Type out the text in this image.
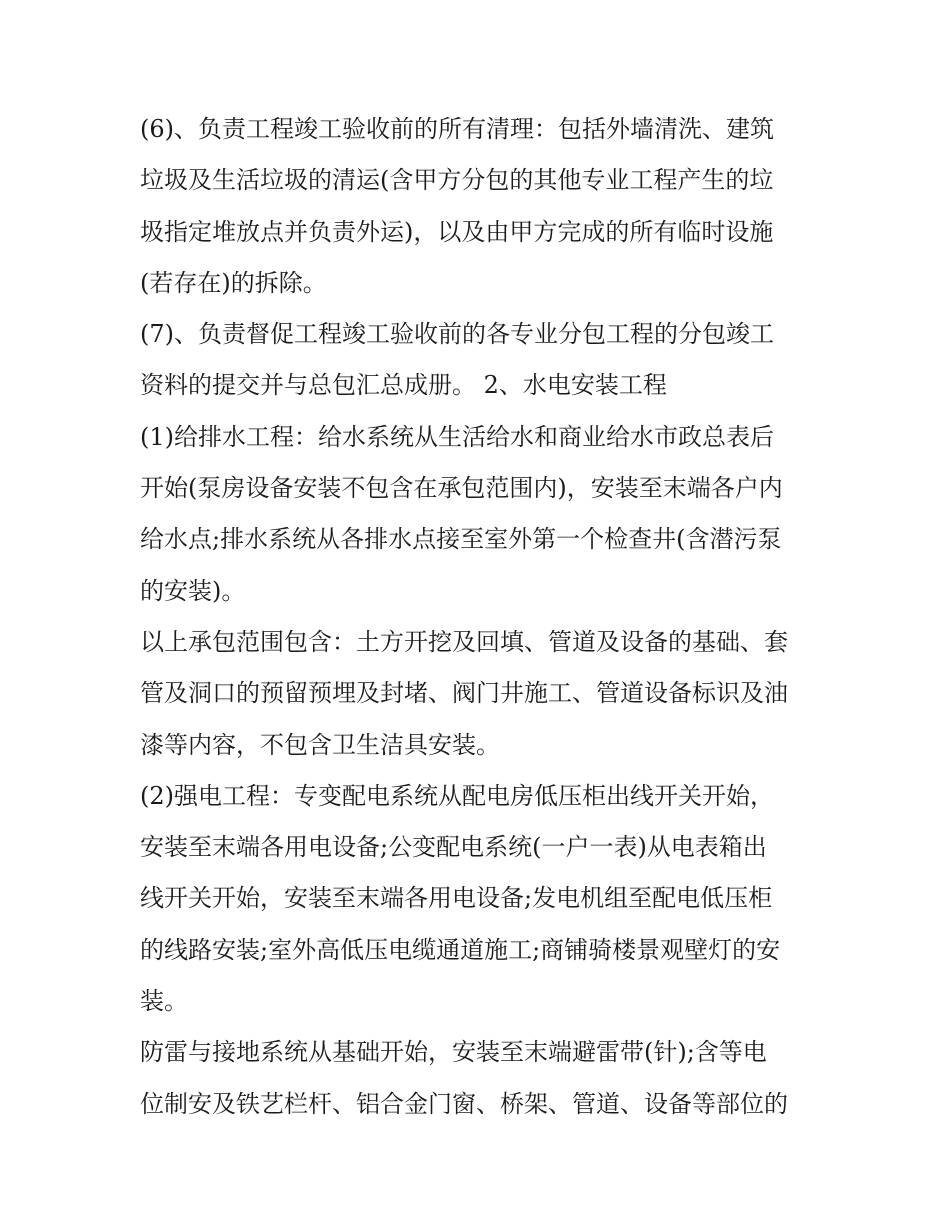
(6)、负责工程竣工验收前的所有清理：包括外墙清洗、建筑
垃圾及生活垃圾的清运(含甲方分包的其他专业工程产生的垃
圾指定堆放点并负责外运)，以及由甲方完成的所有临时设施
(若存在)的拆除。
(7)、负责督促工程竣工验收前的各专业分包工程的分包竣工
资料的提交并与总包汇总成册。 2、水电安装工程
(1)给排水工程：给水系统从生活给水和商业给水市政总表后
开始(泵房设备安装不包含在承包范围内)，安装至末端各户内
给水点;排水系统从各排水点接至室外第一个检查井(含潜污泵
的安装)。
以上承包范围包含：土方开挖及回填、管道及设备的基础、套
管及洞口的预留预埋及封堵、阀门井施工、管道设备标识及油
漆等内容，不包含卫生洁具安装。
(2)强电工程：专变配电系统从配电房低压柜出线开关开始，
安装至末端各用电设备;公变配电系统(一户一表)从电表箱出
线开关开始，安装至末端各用电设备;发电机组至配电低压柜
的线路安装;室外高低压电缆通道施工;商铺骑楼景观壁灯的安
装。
防雷与接地系统从基础开始，安装至末端避雷带(针);含等电
位制安及铁艺栏杆、铝合金门窗、桥架、管道、设备等部位的
